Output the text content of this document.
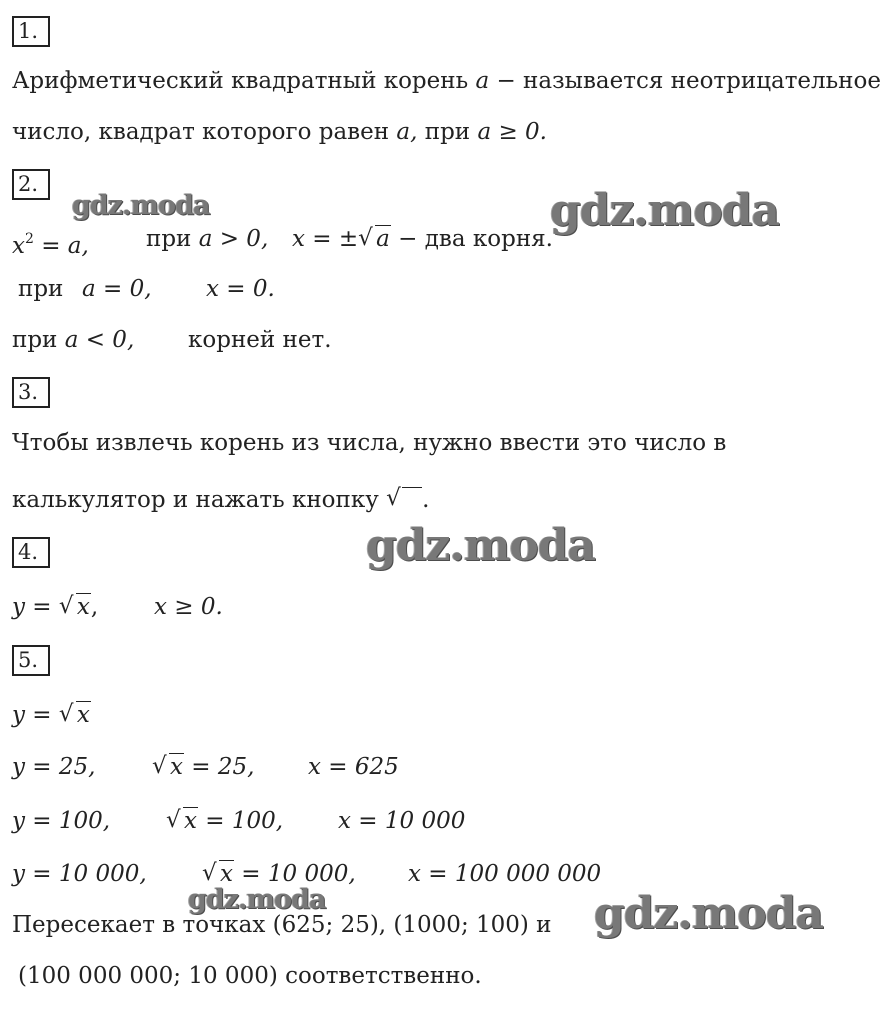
1.
Арифметический квадратный корень a − называется неотрицательное
число, квадрат которого равен a, при a ≥ 0.
2.
gdz.moda	gdz.moda
$x^2 = a$, при a > 0, x = ± √ a − два корня.
при a = 0, x = 0.
при a < 0, корней нет.
3.
Чтобы извлечь корень из числа, нужно ввести это число в
калькулятор и нажать кнопку √ .
4.	gdz.moda
y = √ x, x ≥ 0.
5.
y = √ x
y = 25,	√ x = 25, x = 625
y = 100,	√ x = 100, x = 10 000
y = 10 000,	√ x = 10 000, x = 100 000 000
gdz.moda	gdz.moda
Пересекает в точках (625; 25), (1000; 100) и
(100 000 000; 10 000) соответственно.
